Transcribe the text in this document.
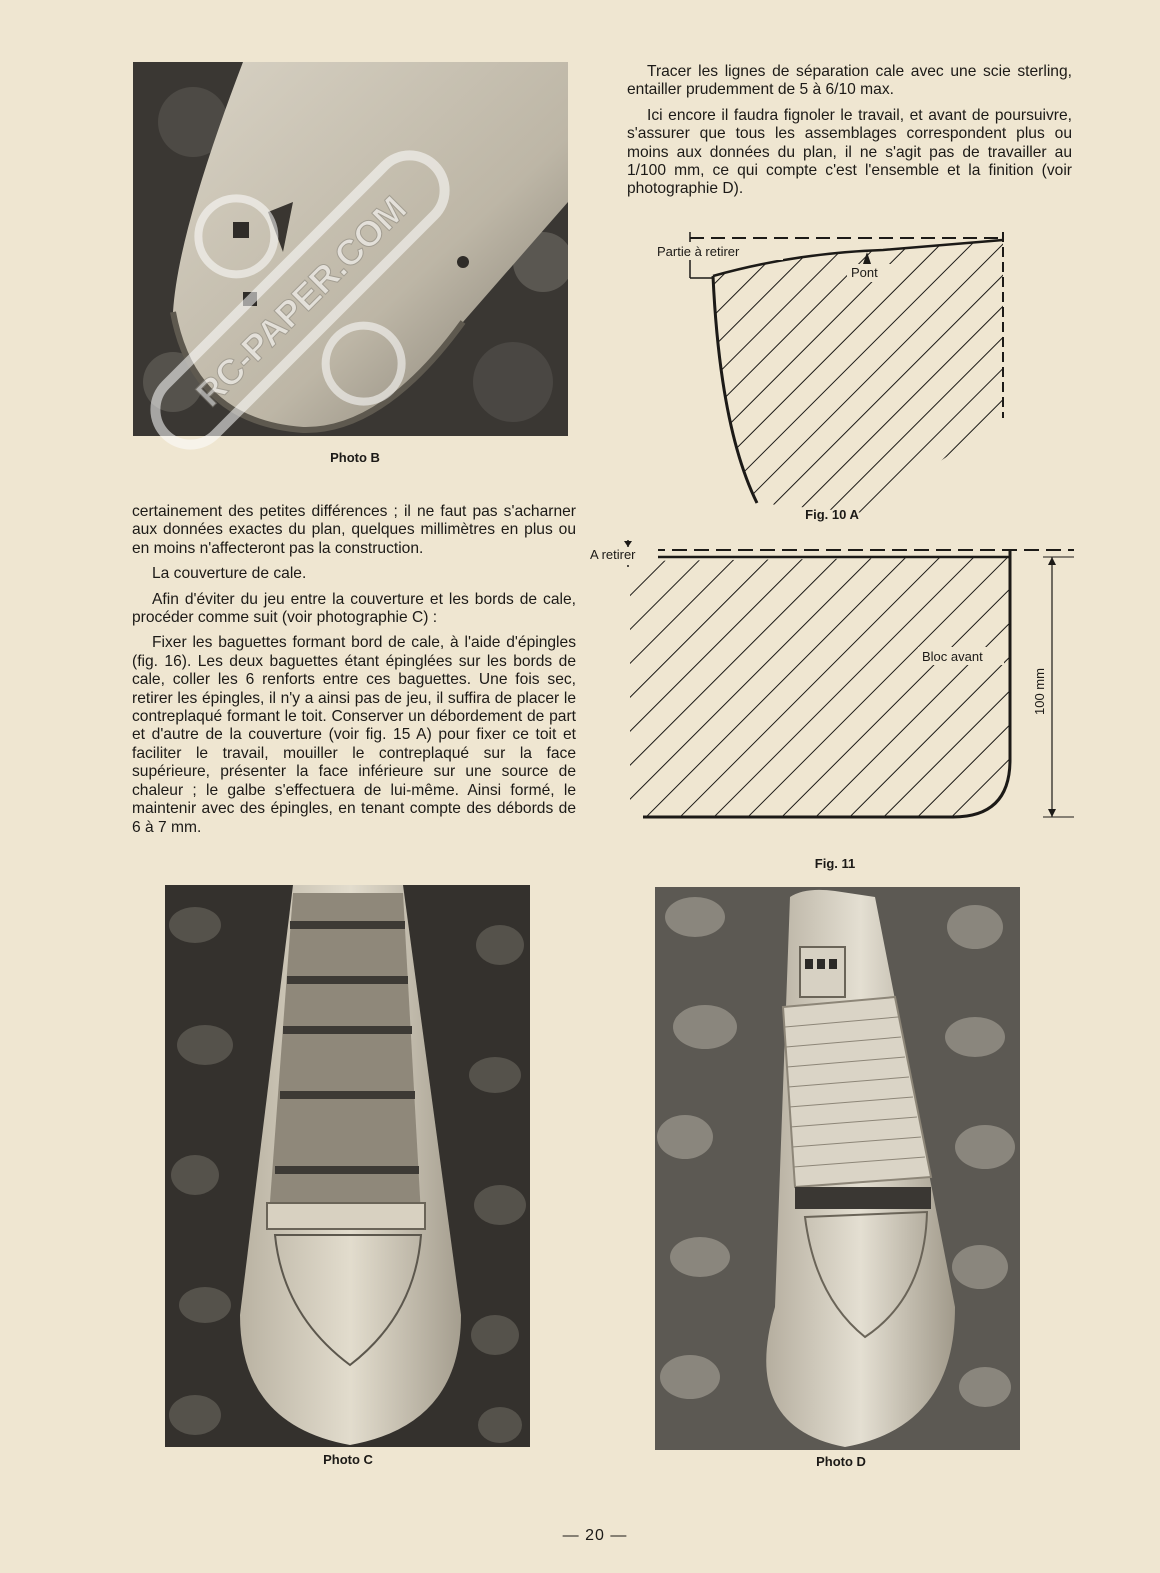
Photo B
RC-PAPER.COM

Tracer les lignes de séparation cale avec une scie sterling, entailler prudemment de 5 à 6/10 max.

Ici encore il faudra fignoler le travail, et avant de poursuivre, s'assurer que tous les assemblages correspondent plus ou moins aux données du plan, il ne s'agit pas de travailler au 1/100 mm, ce qui compte c'est l'ensemble et la finition (voir photographie D).

Partie à retirer
Pont
Fig. 10 A
A retirer
Bloc avant
100 mm
Fig. 11

certainement des petites différences ; il ne faut pas s'acharner aux données exactes du plan, quelques millimètres en plus ou en moins n'affecteront pas la construction.

La couverture de cale.

Afin d'éviter du jeu entre la couverture et les bords de cale, procéder comme suit (voir photographie C) :

Fixer les baguettes formant bord de cale, à l'aide d'épingles (fig. 16). Les deux baguettes étant épinglées sur les bords de cale, coller les 6 renforts entre ces baguettes. Une fois sec, retirer les épingles, il n'y a ainsi pas de jeu, il suffira de placer le contreplaqué formant le toit. Conserver un débordement de part et d'autre de la couverture (voir fig. 15 A) pour fixer ce toit et faciliter le travail, mouiller le contreplaqué sur la face supérieure, présenter la face inférieure sur une source de chaleur ; le galbe s'effectuera de lui-même. Ainsi formé, le maintenir avec des épingles, en tenant compte des débords de 6 à 7 mm.

Photo C	Photo D
— 20 —
